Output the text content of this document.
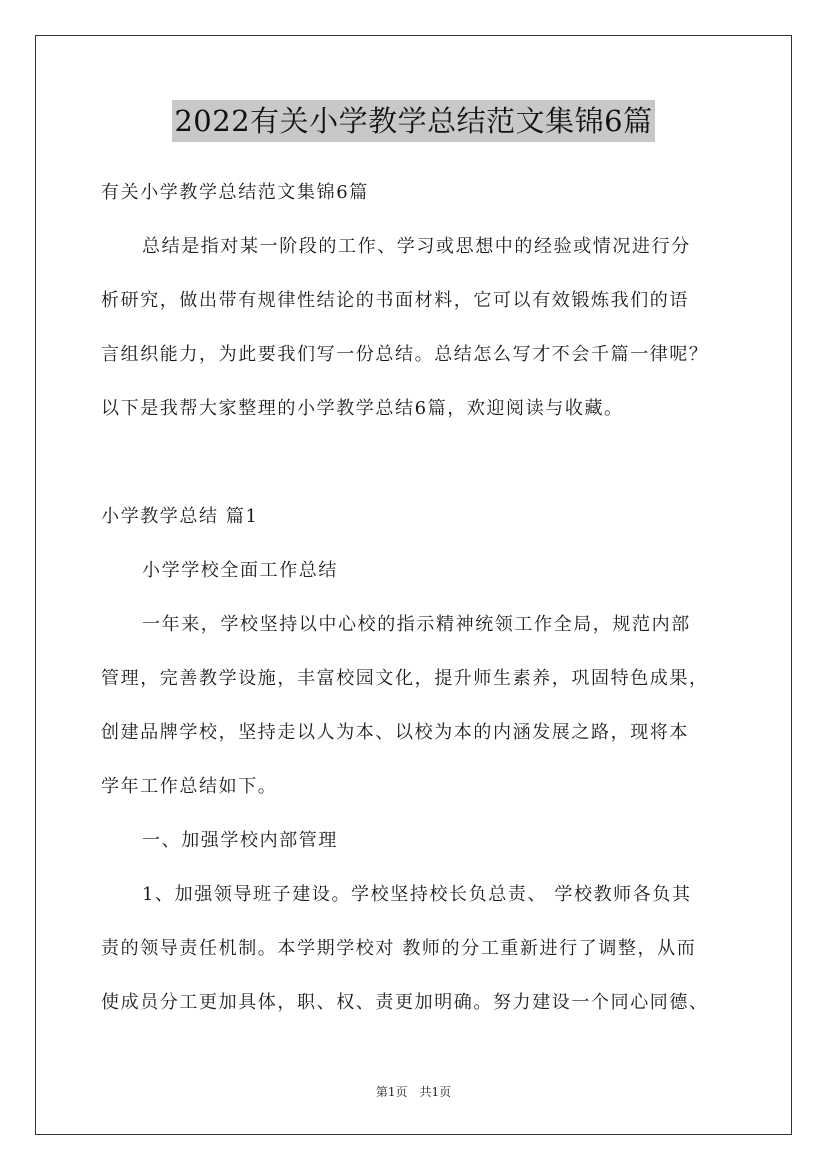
2022有关小学教学总结范文集锦6篇

有关小学教学总结范文集锦6篇

总结是指对某一阶段的工作、学习或思想中的经验或情况进行分

析研究，做出带有规律性结论的书面材料，它可以有效锻炼我们的语

言组织能力，为此要我们写一份总结。总结怎么写才不会千篇一律呢？

以下是我帮大家整理的小学教学总结6篇，欢迎阅读与收藏。

小学教学总结 篇1

小学学校全面工作总结

一年来，学校坚持以中心校的指示精神统领工作全局，规范内部

管理，完善教学设施，丰富校园文化，提升师生素养，巩固特色成果，

创建品牌学校，坚持走以人为本、以校为本的内涵发展之路，现将本

学年工作总结如下。

一、加强学校内部管理

1、加强领导班子建设。学校坚持校长负总责、 学校教师各负其

责的领导责任机制。本学期学校对 教师的分工重新进行了调整，从而

使成员分工更加具体，职、权、责更加明确。努力建设一个同心同德、

第1页　共1页
